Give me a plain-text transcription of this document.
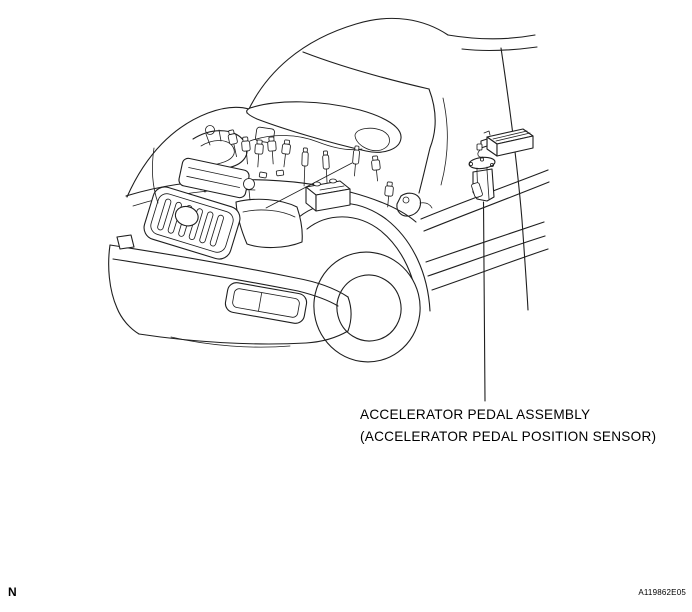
ACCELERATOR PEDAL ASSEMBLY
(ACCELERATOR PEDAL POSITION SENSOR)
N	A119862E05
